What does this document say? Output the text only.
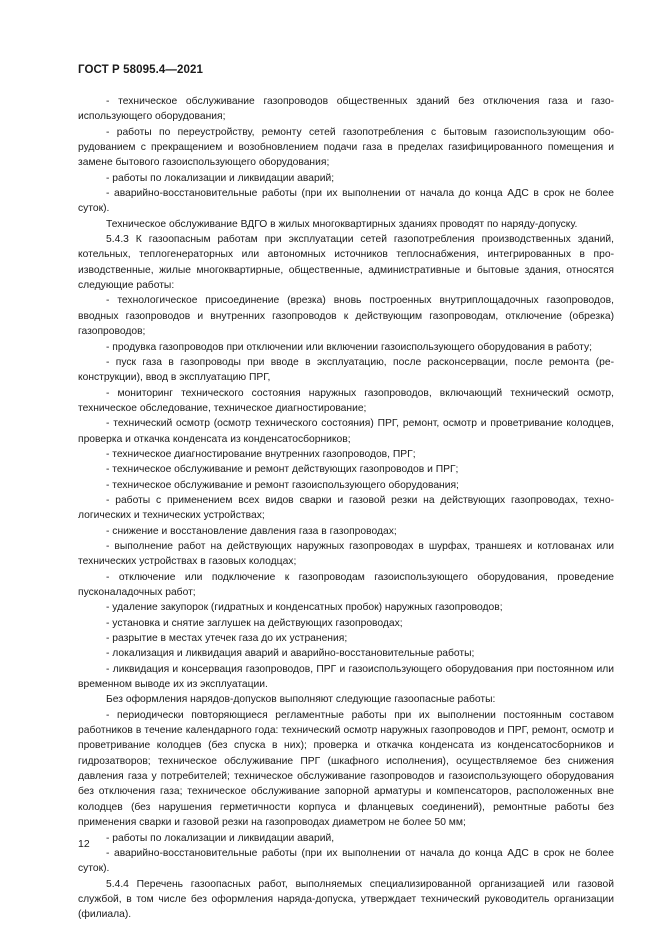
ГОСТ Р 58095.4—2021

- техническое обслуживание газопроводов общественных зданий без отключения газа и газоиспользующего оборудования;

- работы по переустройству, ремонту сетей газопотребления с бытовым газоиспользующим оборудованием с прекращением и возобновлением подачи газа в пределах газифицированного помещения и замене бытового газоиспользующего оборудования;

- работы по локализации и ликвидации аварий;

- аварийно-восстановительные работы (при их выполнении от начала до конца АДС в срок не более суток).

Техническое обслуживание ВДГО в жилых многоквартирных зданиях проводят по наряду-допуску.

5.4.3 К газоопасным работам при эксплуатации сетей газопотребления производственных зданий, котельных, теплогенераторных или автономных источников теплоснабжения, интегрированных в производственные, жилые многоквартирные, общественные, административные и бытовые здания, относятся следующие работы:

- технологическое присоединение (врезка) вновь построенных внутриплощадочных газопроводов, вводных газопроводов и внутренних газопроводов к действующим газопроводам, отключение (обрезка) газопроводов;

- продувка газопроводов при отключении или включении газоиспользующего оборудования в работу;

- пуск газа в газопроводы при вводе в эксплуатацию, после расконсервации, после ремонта (реконструкции), ввод в эксплуатацию ПРГ,

- мониторинг технического состояния наружных газопроводов, включающий технический осмотр, техническое обследование, техническое диагностирование;

- технический осмотр (осмотр технического состояния) ПРГ, ремонт, осмотр и проветривание колодцев, проверка и откачка конденсата из конденсатосборников;

- техническое диагностирование внутренних газопроводов, ПРГ;

- техническое обслуживание и ремонт действующих газопроводов и ПРГ;

- техническое обслуживание и ремонт газоиспользующего оборудования;

- работы с применением всех видов сварки и газовой резки на действующих газопроводах, технологических и технических устройствах;

- снижение и восстановление давления газа в газопроводах;

- выполнение работ на действующих наружных газопроводах в шурфах, траншеях и котлованах или технических устройствах в газовых колодцах;

- отключение или подключение к газопроводам газоиспользующего оборудования, проведение пусконаладочных работ;

- удаление закупорок (гидратных и конденсатных пробок) наружных газопроводов;

- установка и снятие заглушек на действующих газопроводах;

- разрытие в местах утечек газа до их устранения;

- локализация и ликвидация аварий и аварийно-восстановительные работы;

- ликвидация и консервация газопроводов, ПРГ и газоиспользующего оборудования при постоянном или временном выводе их из эксплуатации.

Без оформления нарядов-допусков выполняют следующие газоопасные работы:

- периодически повторяющиеся регламентные работы при их выполнении постоянным составом работников в течение календарного года: технический осмотр наружных газопроводов и ПРГ, ремонт, осмотр и проветривание колодцев (без спуска в них); проверка и откачка конденсата из конденсатосборников и гидрозатворов; техническое обслуживание ПРГ (шкафного исполнения), осуществляемое без снижения давления газа у потребителей; техническое обслуживание газопроводов и газоиспользующего оборудования без отключения газа; техническое обслуживание запорной арматуры и компенсаторов, расположенных вне колодцев (без нарушения герметичности корпуса и фланцевых соединений), ремонтные работы без применения сварки и газовой резки на газопроводах диаметром не более 50 мм;

- работы по локализации и ликвидации аварий,

- аварийно-восстановительные работы (при их выполнении от начала до конца АДС в срок не более суток).

5.4.4 Перечень газоопасных работ, выполняемых специализированной организацией или газовой службой, в том числе без оформления наряда-допуска, утверждает технический руководитель организации (филиала).

12
